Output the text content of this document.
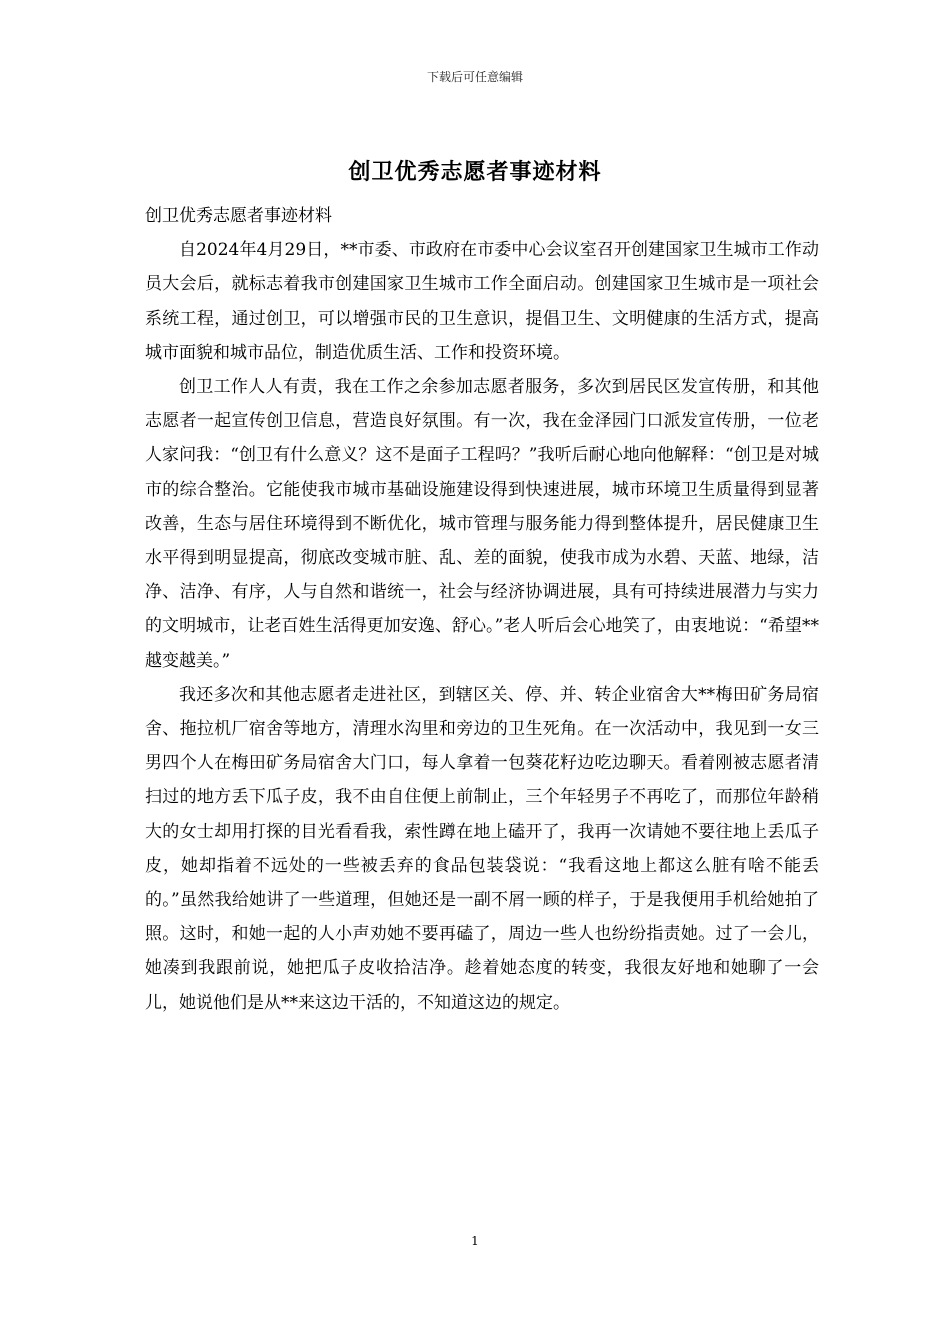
下载后可任意编辑
创卫优秀志愿者事迹材料

创卫优秀志愿者事迹材料

自2024年4月29日，**市委、市政府在市委中心会议室召开创建国家卫生城市工作动员大会后，就标志着我市创建国家卫生城市工作全面启动。创建国家卫生城市是一项社会系统工程，通过创卫，可以增强市民的卫生意识，提倡卫生、文明健康的生活方式，提高城市面貌和城市品位，制造优质生活、工作和投资环境。

创卫工作人人有责，我在工作之余参加志愿者服务，多次到居民区发宣传册，和其他志愿者一起宣传创卫信息，营造良好氛围。有一次，我在金泽园门口派发宣传册，一位老人家问我：“创卫有什么意义？这不是面子工程吗？”我听后耐心地向他解释：“创卫是对城市的综合整治。它能使我市城市基础设施建设得到快速进展，城市环境卫生质量得到显著改善，生态与居住环境得到不断优化，城市管理与服务能力得到整体提升，居民健康卫生水平得到明显提高，彻底改变城市脏、乱、差的面貌，使我市成为水碧、天蓝、地绿，洁净、洁净、有序，人与自然和谐统一，社会与经济协调进展，具有可持续进展潜力与实力的文明城市，让老百姓生活得更加安逸、舒心。”老人听后会心地笑了，由衷地说：“希望**越变越美。”

我还多次和其他志愿者走进社区，到辖区关、停、并、转企业宿舍大**梅田矿务局宿舍、拖拉机厂宿舍等地方，清理水沟里和旁边的卫生死角。在一次活动中，我见到一女三男四个人在梅田矿务局宿舍大门口，每人拿着一包葵花籽边吃边聊天。看着刚被志愿者清扫过的地方丢下瓜子皮，我不由自住便上前制止，三个年轻男子不再吃了，而那位年龄稍大的女士却用打探的目光看看我，索性蹲在地上磕开了，我再一次请她不要往地上丢瓜子皮，她却指着不远处的一些被丢弃的食品包装袋说：“我看这地上都这么脏有啥不能丢的。”虽然我给她讲了一些道理，但她还是一副不屑一顾的样子，于是我便用手机给她拍了照。这时，和她一起的人小声劝她不要再磕了，周边一些人也纷纷指责她。过了一会儿，她凑到我跟前说，她把瓜子皮收拾洁净。趁着她态度的转变，我很友好地和她聊了一会儿，她说他们是从**来这边干活的，不知道这边的规定。

1
